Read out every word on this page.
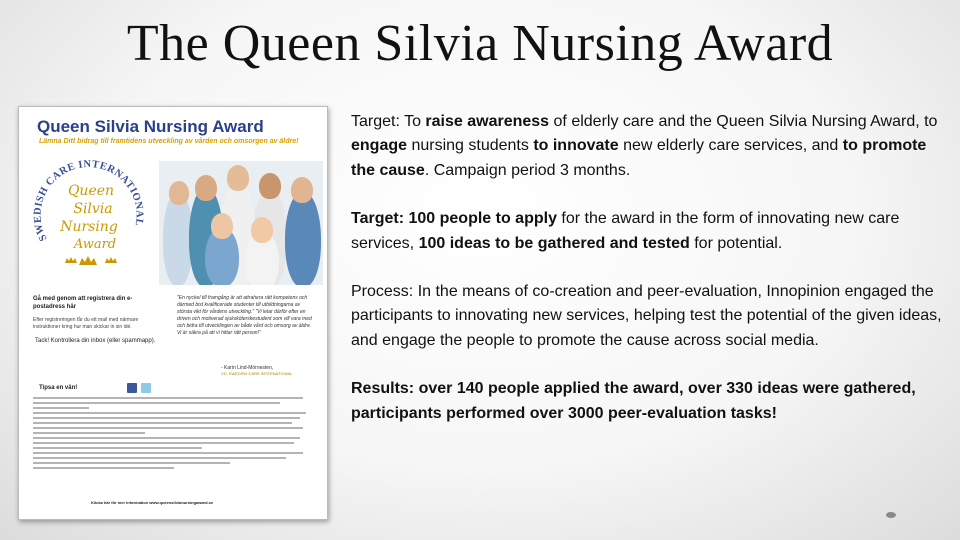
The Queen Silvia Nursing Award
Queen Silvia Nursing Award
Lämna Ditt bidrag till framtidens utveckling av vården och omsorgen av äldre!
SWEDISH CARE INTERNATIONAL
Queen
Silvia
Nursing
Award
Gå med genom att registrera din e-postadress här
Efter registreringen får du ett mail med närmare instruktioner kring hur man skickar in sin idé.
Tack! Kontrollera din inbox (eller spammapp).
"En nyckel till framgång är att attrahera rätt kompetens och därmed bist kvalificerade studenter till utbildningarna av största vikt för vårdens utveckling." "Vi letar därför efter en driven och motiverad sjuksköterskestudent som vill vara med och bidra till utvecklingen av både vård och omsorg av äldre. Vi är säkra på att vi hittar rätt person!"
- Karin Lind-Mörnesten,
VD, SWEDISH CARE INTERNATIONAL
Tipsa en vän!
Klicka här för mer information www.queensilvianursingaward.se

Target: To raise awareness of elderly care and the Queen Silvia Nursing Award, to engage nursing students to innovate new elderly care services, and to promote the cause. Campaign period 3 months.

Target: 100 people to apply for the award in the form of innovating new care services, 100 ideas to be gathered and tested for potential.

Process: In the means of co-creation and peer-evaluation, Innopinion engaged the participants to innovating new services, helping test the potential of the given ideas, and engage the people to promote the cause across social media.

Results: over 140 people applied the award, over 330 ideas were gathered, participants performed over 3000 peer-evaluation tasks!
